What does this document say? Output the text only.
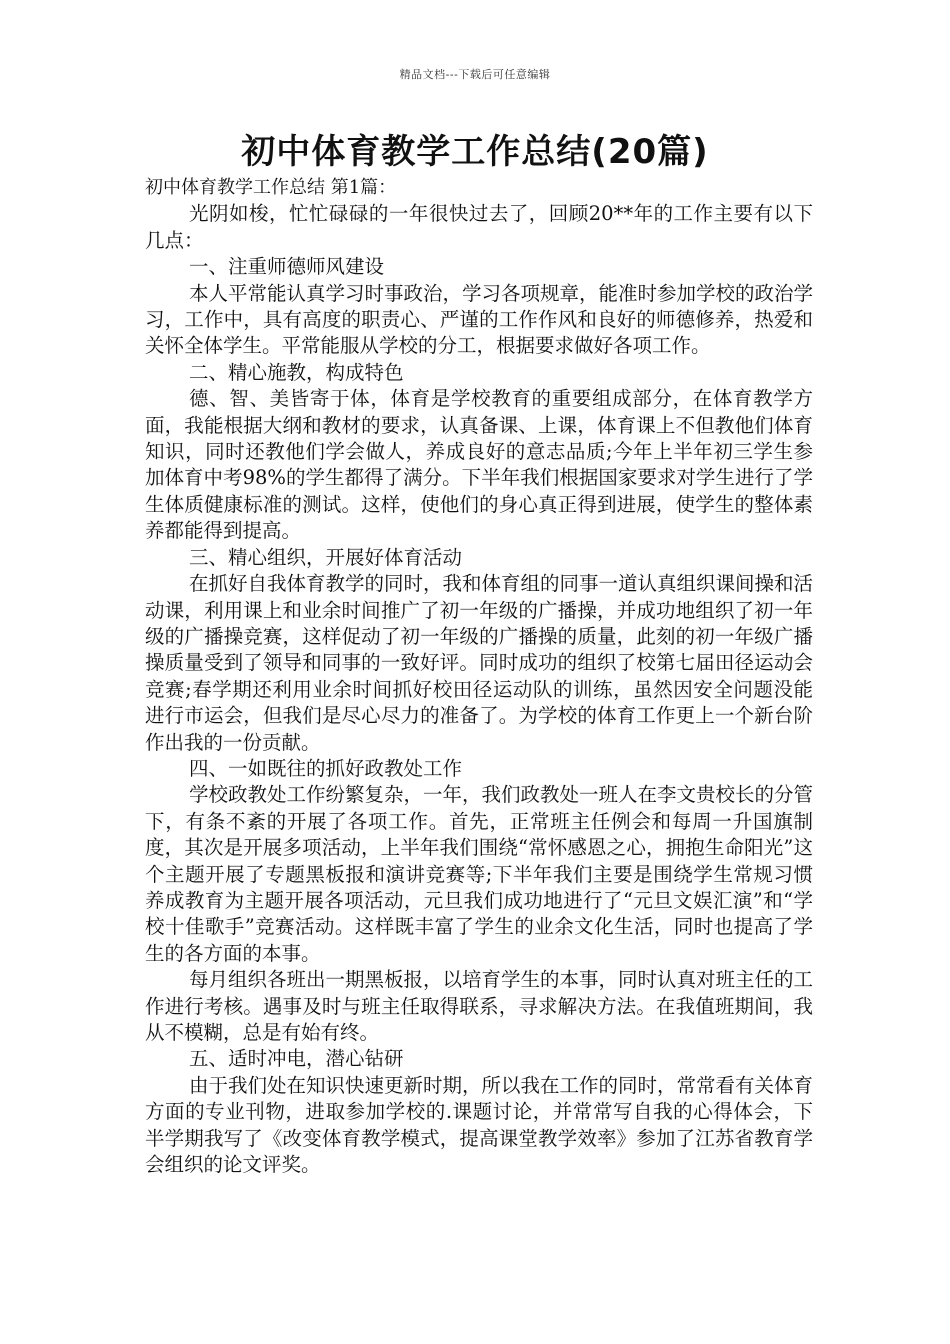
精品文档---下载后可任意编辑
初中体育教学工作总结(20篇)

初中体育教学工作总结 第1篇：

光阴如梭，忙忙碌碌的一年很快过去了，回顾20**年的工作主要有以下几点：

一、注重师德师风建设

本人平常能认真学习时事政治，学习各项规章，能准时参加学校的政治学习，工作中，具有高度的职责心、严谨的工作作风和良好的师德修养，热爱和关怀全体学生。平常能服从学校的分工，根据要求做好各项工作。

二、精心施教，构成特色

德、智、美皆寄于体，体育是学校教育的重要组成部分，在体育教学方面，我能根据大纲和教材的要求，认真备课、上课，体育课上不但教他们体育知识，同时还教他们学会做人，养成良好的意志品质;今年上半年初三学生参加体育中考98%的学生都得了满分。下半年我们根据国家要求对学生进行了学生体质健康标准的测试。这样，使他们的身心真正得到进展，使学生的整体素养都能得到提高。

三、精心组织，开展好体育活动

在抓好自我体育教学的同时，我和体育组的同事一道认真组织课间操和活动课，利用课上和业余时间推广了初一年级的广播操，并成功地组织了初一年级的广播操竞赛，这样促动了初一年级的广播操的质量，此刻的初一年级广播操质量受到了领导和同事的一致好评。同时成功的组织了校第七届田径运动会竞赛;春学期还利用业余时间抓好校田径运动队的训练，虽然因安全问题没能进行市运会，但我们是尽心尽力的准备了。为学校的体育工作更上一个新台阶作出我的一份贡献。

四、一如既往的抓好政教处工作

学校政教处工作纷繁复杂，一年，我们政教处一班人在李文贵校长的分管下，有条不紊的开展了各项工作。首先，正常班主任例会和每周一升国旗制度，其次是开展多项活动，上半年我们围绕“常怀感恩之心，拥抱生命阳光”这个主题开展了专题黑板报和演讲竞赛等;下半年我们主要是围绕学生常规习惯养成教育为主题开展各项活动，元旦我们成功地进行了“元旦文娱汇演”和“学校十佳歌手”竞赛活动。这样既丰富了学生的业余文化生活，同时也提高了学生的各方面的本事。

每月组织各班出一期黑板报，以培育学生的本事，同时认真对班主任的工作进行考核。遇事及时与班主任取得联系，寻求解决方法。在我值班期间，我从不模糊，总是有始有终。

五、适时冲电，潜心钻研

由于我们处在知识快速更新时期，所以我在工作的同时，常常看有关体育方面的专业刊物，进取参加学校的.课题讨论，并常常写自我的心得体会，下半学期我写了《改变体育教学模式，提高课堂教学效率》参加了江苏省教育学会组织的论文评奖。
